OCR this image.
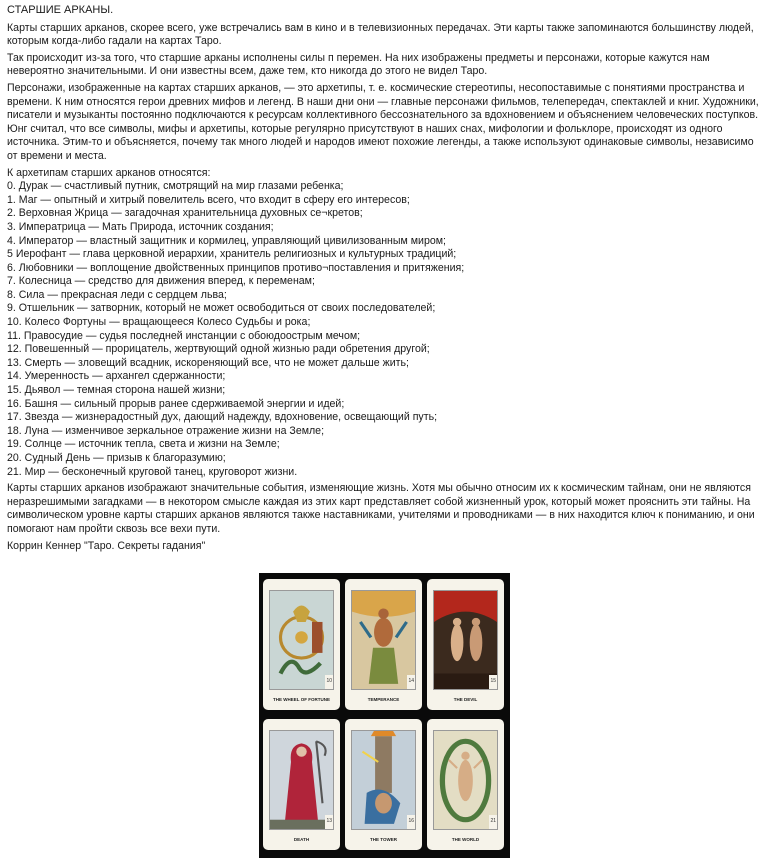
СТАРШИЕ АРКАНЫ.

Карты старших арканов, скорее всего, уже встречались вам в кино и в телевизионных передачах. Эти карты также запоминаются большинству людей, которым когда-либо гадали на картах Таро.

Так происходит из-за того, что старшие арканы исполнены силы п перемен. На них изображены предметы и персонажи, которые кажутся нам невероятно значительными. И они известны всем, даже тем, кто никогда до этого не видел Таро.

Персонажи, изображенные на картах старших арканов, — это архетипы, т. е. космические стереотипы, несопоставимые с понятиями пространства и времени. К ним относятся герои древних мифов и легенд. В наши дни они — главные персонажи фильмов, телепередач, спектаклей и книг. Художники, писатели и музыканты постоянно подключаются к ресурсам коллективного бессознательного за вдохновением и объяснением человеческих поступков. Юнг считал, что все символы, мифы и архетипы, которые регулярно присутствуют в наших снах, мифологии и фольклоре, происходят из одного источника. Этим-то и объясняется, почему так много людей и народов имеют похожие легенды, а также используют одинаковые символы, независимо от времени и места.

К архетипам старших арканов относятся:

0. Дурак — счастливый путник, смотрящий на мир глазами ребенка;
1. Маг — опытный и хитрый повелитель всего, что входит в сферу его интересов;
2. Верховная Жрица — загадочная хранительница духовных се¬кретов;
3. Императрица — Мать Природа, источник создания;
4. Император — властный защитник и кормилец, управляющий цивилизованным миром;
5 Иерофант — глава церковной иерархии, хранитель религиозных и культурных традиций;
6. Любовники — воплощение двойственных принципов противо¬поставления и притяжения;
7. Колесница — средство для движения вперед, к переменам;
8. Сила — прекрасная леди с сердцем льва;
9. Отшельник — затворник, который не может освободиться от своих последователей;
10. Колесо Фортуны — вращающееся Колесо Судьбы и рока;
11. Правосудие — судья последней инстанции с обоюдоострым мечом;
12. Повешенный — прорицатель, жертвующий одной жизнью ради обретения другой;
13. Смерть — зловещий всадник, искореняющий все, что не может дальше жить;
14. Умеренность — архангел сдержанности;
15. Дьявол — темная сторона нашей жизни;
16. Башня — сильный прорыв ранее сдерживаемой энергии и идей;
17. Звезда — жизнерадостный дух, дающий надежду, вдохновение, освещающий путь;
18. Луна — изменчивое зеркальное отражение жизни на Земле;
19. Солнце — источник тепла, света и жизни на Земле;
20. Судный День — призыв к благоразумию;
21. Мир — бесконечный круговой танец, круговорот жизни.

Карты старших арканов изображают значительные события, изменяющие жизнь. Хотя мы обычно относим их к космическим тайнам, они не являются неразрешимыми загадками — в некотором смысле каждая из этих карт представляет собой жизненный урок, который может прояснить эти тайны. На символическом уровне карты старших арканов являются также наставниками, учителями и проводниками — в них находится ключ к пониманию, и они помогают нам пройти сквозь все вехи пути.

Коррин Кеннер "Таро. Секреты гадания"

10
THE WHEEL OF FORTUNE
14
TEMPERANCE
15
THE DEVIL
13
DEATH
16
THE TOWER
21
THE WORLD
